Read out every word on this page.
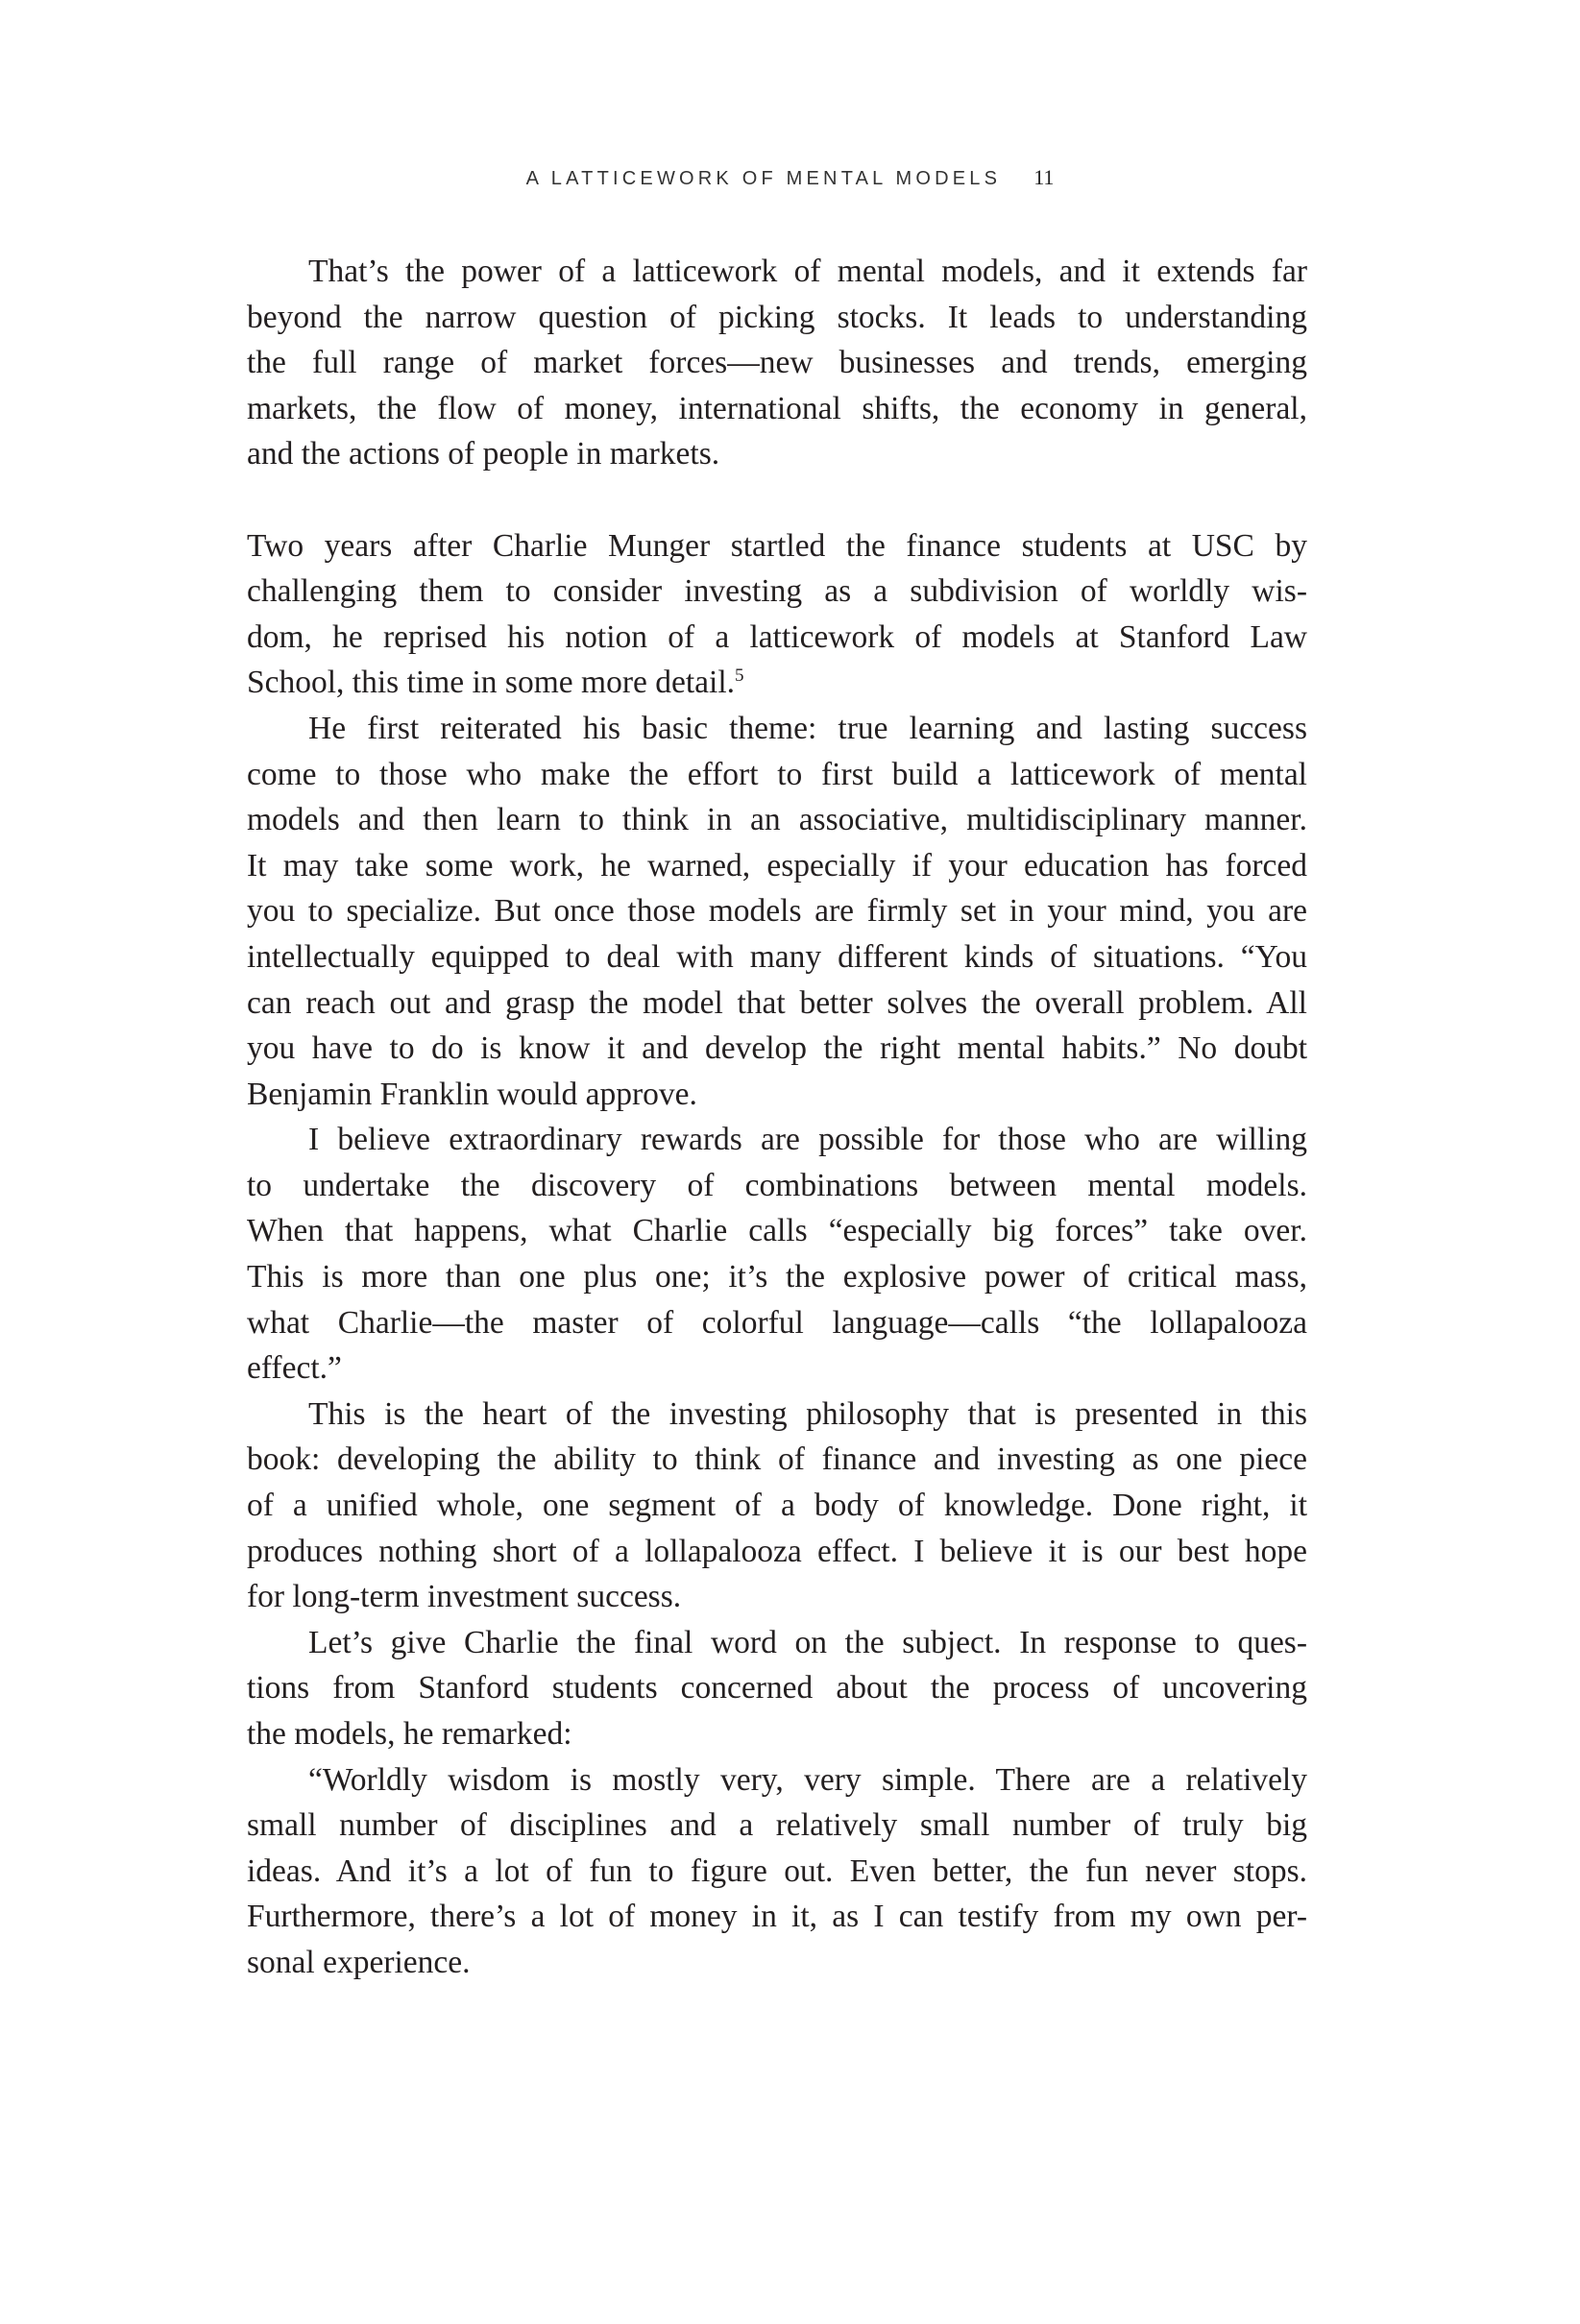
A LATTICEWORK OF MENTAL MODELS 11
That’s the power of a latticework of mental models, and it extends far
beyond the narrow question of picking stocks. It leads to understanding
the full range of market forces—new businesses and trends, emerging
markets, the flow of money, international shifts, the economy in general,
and the actions of people in markets.
Two years after Charlie Munger startled the finance students at USC by
challenging them to consider investing as a subdivision of worldly wis-
dom, he reprised his notion of a latticework of models at Stanford Law
School, this time in some more detail.$^5$
He first reiterated his basic theme: true learning and lasting success
come to those who make the effort to first build a latticework of mental
models and then learn to think in an associative, multidisciplinary manner.
It may take some work, he warned, especially if your education has forced
you to specialize. But once those models are firmly set in your mind, you are
intellectually equipped to deal with many different kinds of situations. “You
can reach out and grasp the model that better solves the overall problem. All
you have to do is know it and develop the right mental habits.” No doubt
Benjamin Franklin would approve.
I believe extraordinary rewards are possible for those who are willing
to undertake the discovery of combinations between mental models.
When that happens, what Charlie calls “especially big forces” take over.
This is more than one plus one; it’s the explosive power of critical mass,
what Charlie—the master of colorful language—calls “the lollapalooza
effect.”
This is the heart of the investing philosophy that is presented in this
book: developing the ability to think of finance and investing as one piece
of a unified whole, one segment of a body of knowledge. Done right, it
produces nothing short of a lollapalooza effect. I believe it is our best hope
for long-term investment success.
Let’s give Charlie the final word on the subject. In response to ques-
tions from Stanford students concerned about the process of uncovering
the models, he remarked:
“Worldly wisdom is mostly very, very simple. There are a relatively
small number of disciplines and a relatively small number of truly big
ideas. And it’s a lot of fun to figure out. Even better, the fun never stops.
Furthermore, there’s a lot of money in it, as I can testify from my own per-
sonal experience.
